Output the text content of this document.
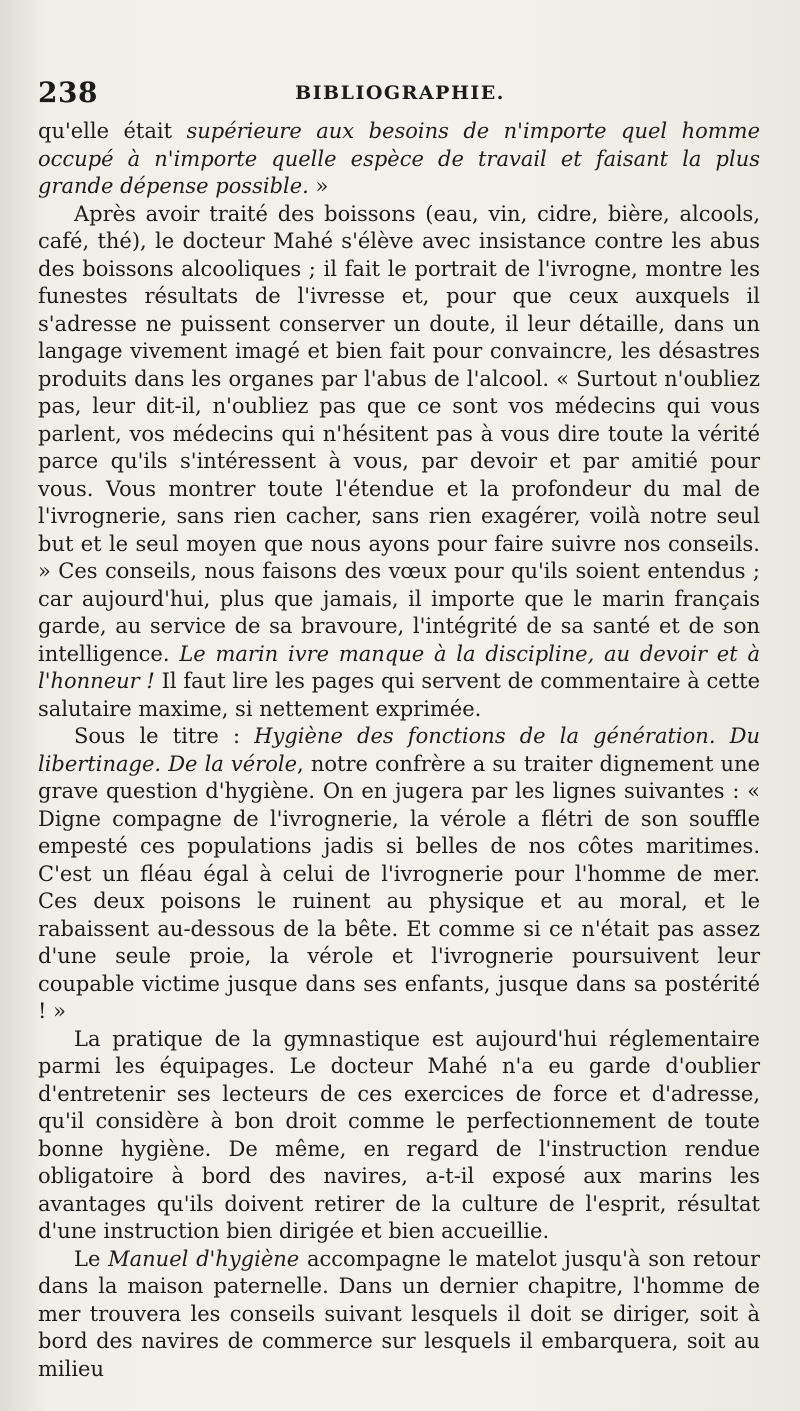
238	BIBLIOGRAPHIE.

qu'elle était supérieure aux besoins de n'importe quel homme occupé à n'importe quelle espèce de travail et faisant la plus grande dépense possible. »

Après avoir traité des boissons (eau, vin, cidre, bière, alcools, café, thé), le docteur Mahé s'élève avec insistance contre les abus des boissons alcooliques ; il fait le portrait de l'ivrogne, montre les funestes résultats de l'ivresse et, pour que ceux auxquels il s'adresse ne puissent conserver un doute, il leur détaille, dans un langage vivement imagé et bien fait pour convaincre, les désastres produits dans les organes par l'abus de l'alcool. « Surtout n'oubliez pas, leur dit-il, n'oubliez pas que ce sont vos médecins qui vous parlent, vos médecins qui n'hésitent pas à vous dire toute la vérité parce qu'ils s'intéressent à vous, par devoir et par amitié pour vous. Vous montrer toute l'étendue et la profondeur du mal de l'ivrognerie, sans rien cacher, sans rien exagérer, voilà notre seul but et le seul moyen que nous ayons pour faire suivre nos conseils. » Ces conseils, nous faisons des vœux pour qu'ils soient entendus ; car aujourd'hui, plus que jamais, il importe que le marin français garde, au service de sa bravoure, l'intégrité de sa santé et de son intelligence. Le marin ivre manque à la discipline, au devoir et à l'honneur ! Il faut lire les pages qui servent de commentaire à cette salutaire maxime, si nettement exprimée.

Sous le titre : Hygiène des fonctions de la génération. Du libertinage. De la vérole, notre confrère a su traiter dignement une grave question d'hygiène. On en jugera par les lignes suivantes : « Digne compagne de l'ivrognerie, la vérole a flétri de son souffle empesté ces populations jadis si belles de nos côtes maritimes. C'est un fléau égal à celui de l'ivrognerie pour l'homme de mer. Ces deux poisons le ruinent au physique et au moral, et le rabaissent au-dessous de la bête. Et comme si ce n'était pas assez d'une seule proie, la vérole et l'ivrognerie poursuivent leur coupable victime jusque dans ses enfants, jusque dans sa postérité ! »

La pratique de la gymnastique est aujourd'hui réglementaire parmi les équipages. Le docteur Mahé n'a eu garde d'oublier d'entretenir ses lecteurs de ces exercices de force et d'adresse, qu'il considère à bon droit comme le perfectionnement de toute bonne hygiène. De même, en regard de l'instruction rendue obligatoire à bord des navires, a-t-il exposé aux marins les avantages qu'ils doivent retirer de la culture de l'esprit, résultat d'une instruction bien dirigée et bien accueillie.

Le Manuel d'hygiène accompagne le matelot jusqu'à son retour dans la maison paternelle. Dans un dernier chapitre, l'homme de mer trouvera les conseils suivant lesquels il doit se diriger, soit à bord des navires de commerce sur lesquels il embarquera, soit au milieu
